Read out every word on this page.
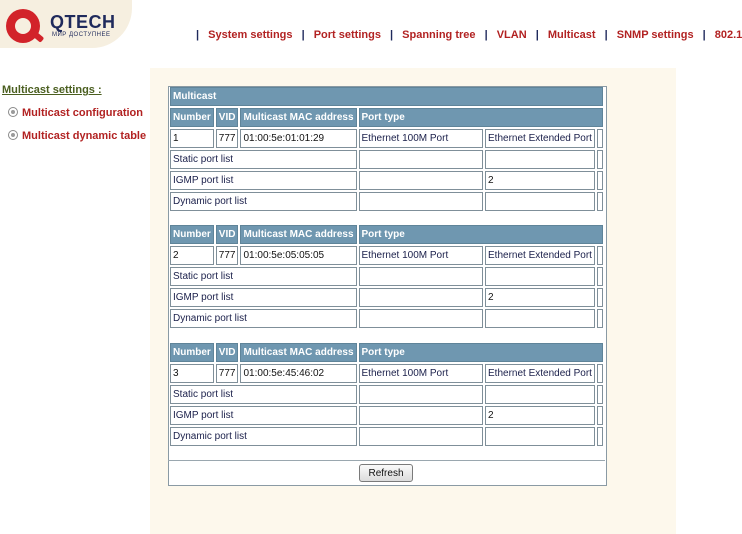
QTECH
МИР ДОСТУПНЕЕ	| System settings | Port settings | Spanning tree | VLAN | Multicast | SNMP settings | 802.1
Multicast settings :
Multicast configuration
Multicast dynamic table
Multicast					
Number	VID	Multicast MAC address	Port type		
1	777	01:00:5e:01:01:29	Ethernet 100M Port	Ethernet Extended Port	
Static port list					
IGMP port list				2	
Dynamic port list					
Number	VID	Multicast MAC address	Port type		
2	777	01:00:5e:05:05:05	Ethernet 100M Port	Ethernet Extended Port	
Static port list					
IGMP port list				2	
Dynamic port list					
Number	VID	Multicast MAC address	Port type		
3	777	01:00:5e:45:46:02	Ethernet 100M Port	Ethernet Extended Port	
Static port list					
IGMP port list				2	
Dynamic port list					
Refresh
